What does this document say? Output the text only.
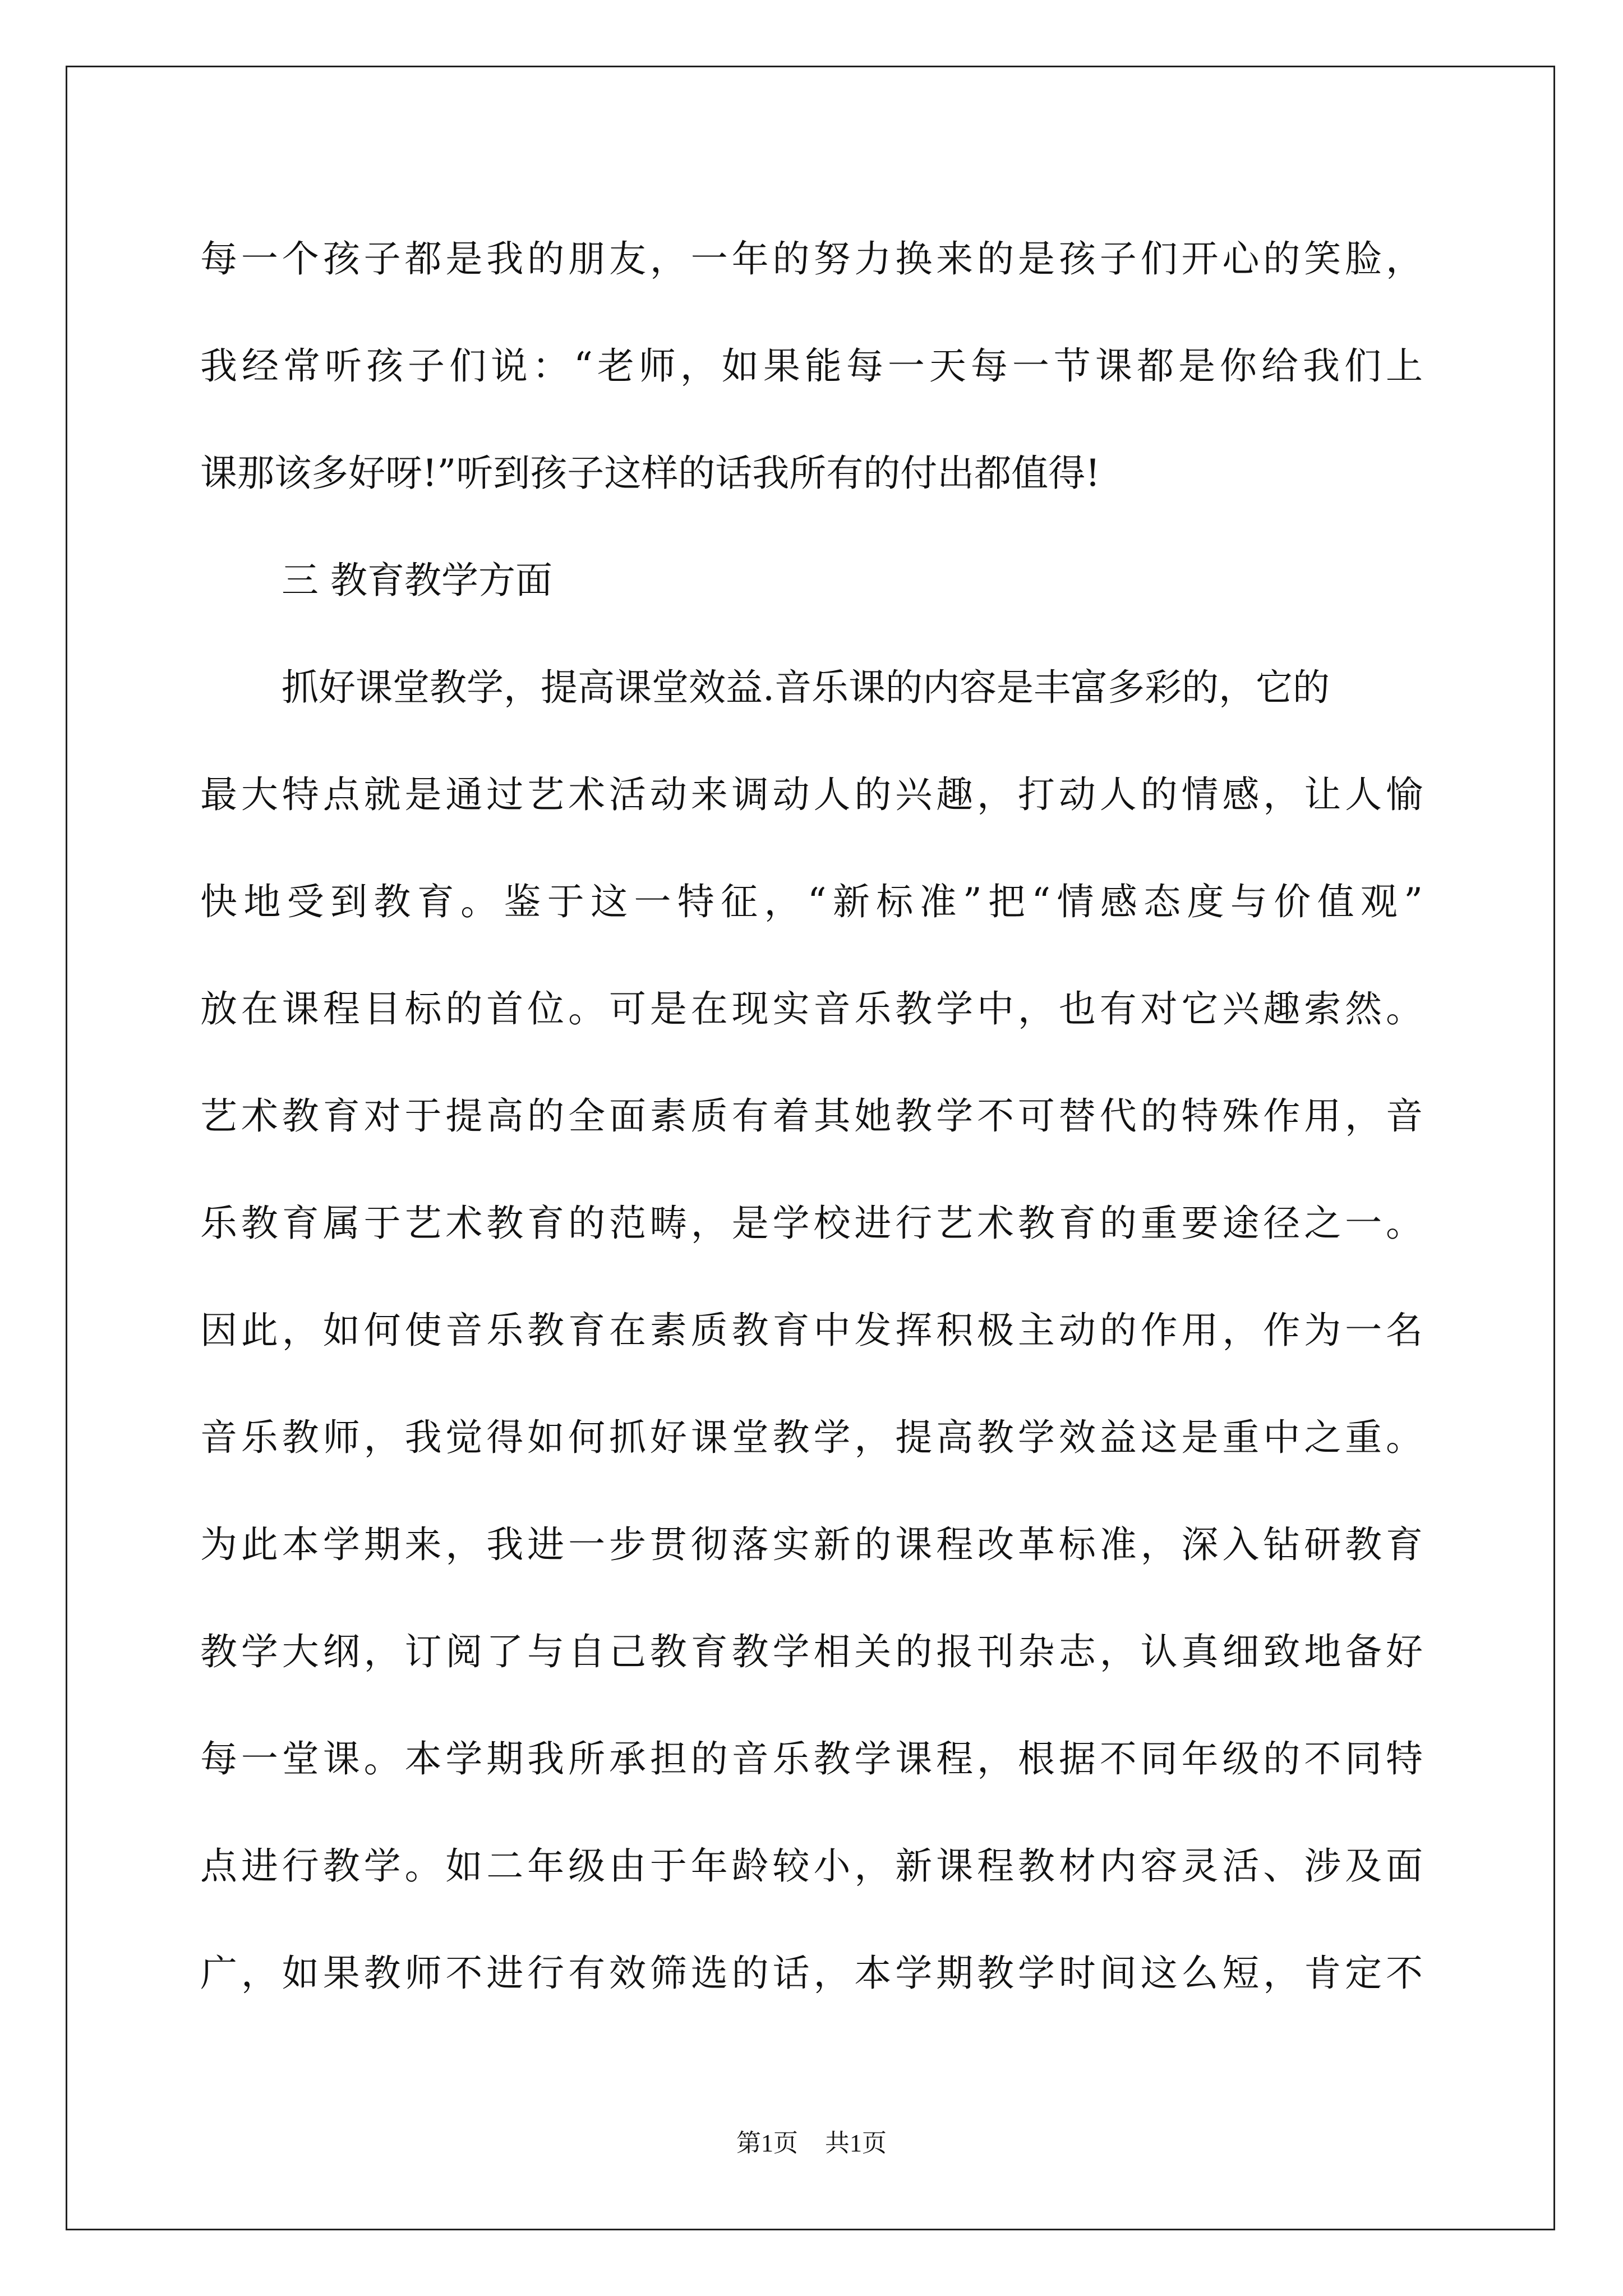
每一个孩子都是我的朋友，一年的努力换来的是孩子们开心的笑脸，
我经常听孩子们说：“老师，如果能每一天每一节课都是你给我们上
课那该多好呀!”听到孩子这样的话我所有的付出都值得!
三 教育教学方面
抓好课堂教学，提高课堂效益.音乐课的内容是丰富多彩的，它的
最大特点就是通过艺术活动来调动人的兴趣，打动人的情感，让人愉
快地受到教育。鉴于这一特征，“新标准”把“情感态度与价值观”
放在课程目标的首位。可是在现实音乐教学中，也有对它兴趣索然。
艺术教育对于提高的全面素质有着其她教学不可替代的特殊作用，音
乐教育属于艺术教育的范畴，是学校进行艺术教育的重要途径之一。
因此，如何使音乐教育在素质教育中发挥积极主动的作用，作为一名
音乐教师，我觉得如何抓好课堂教学，提高教学效益这是重中之重。
为此本学期来，我进一步贯彻落实新的课程改革标准，深入钻研教育
教学大纲，订阅了与自己教育教学相关的报刊杂志，认真细致地备好
每一堂课。本学期我所承担的音乐教学课程，根据不同年级的不同特
点进行教学。如二年级由于年龄较小，新课程教材内容灵活、涉及面
广，如果教师不进行有效筛选的话，本学期教学时间这么短，肯定不
第1页 共1页
